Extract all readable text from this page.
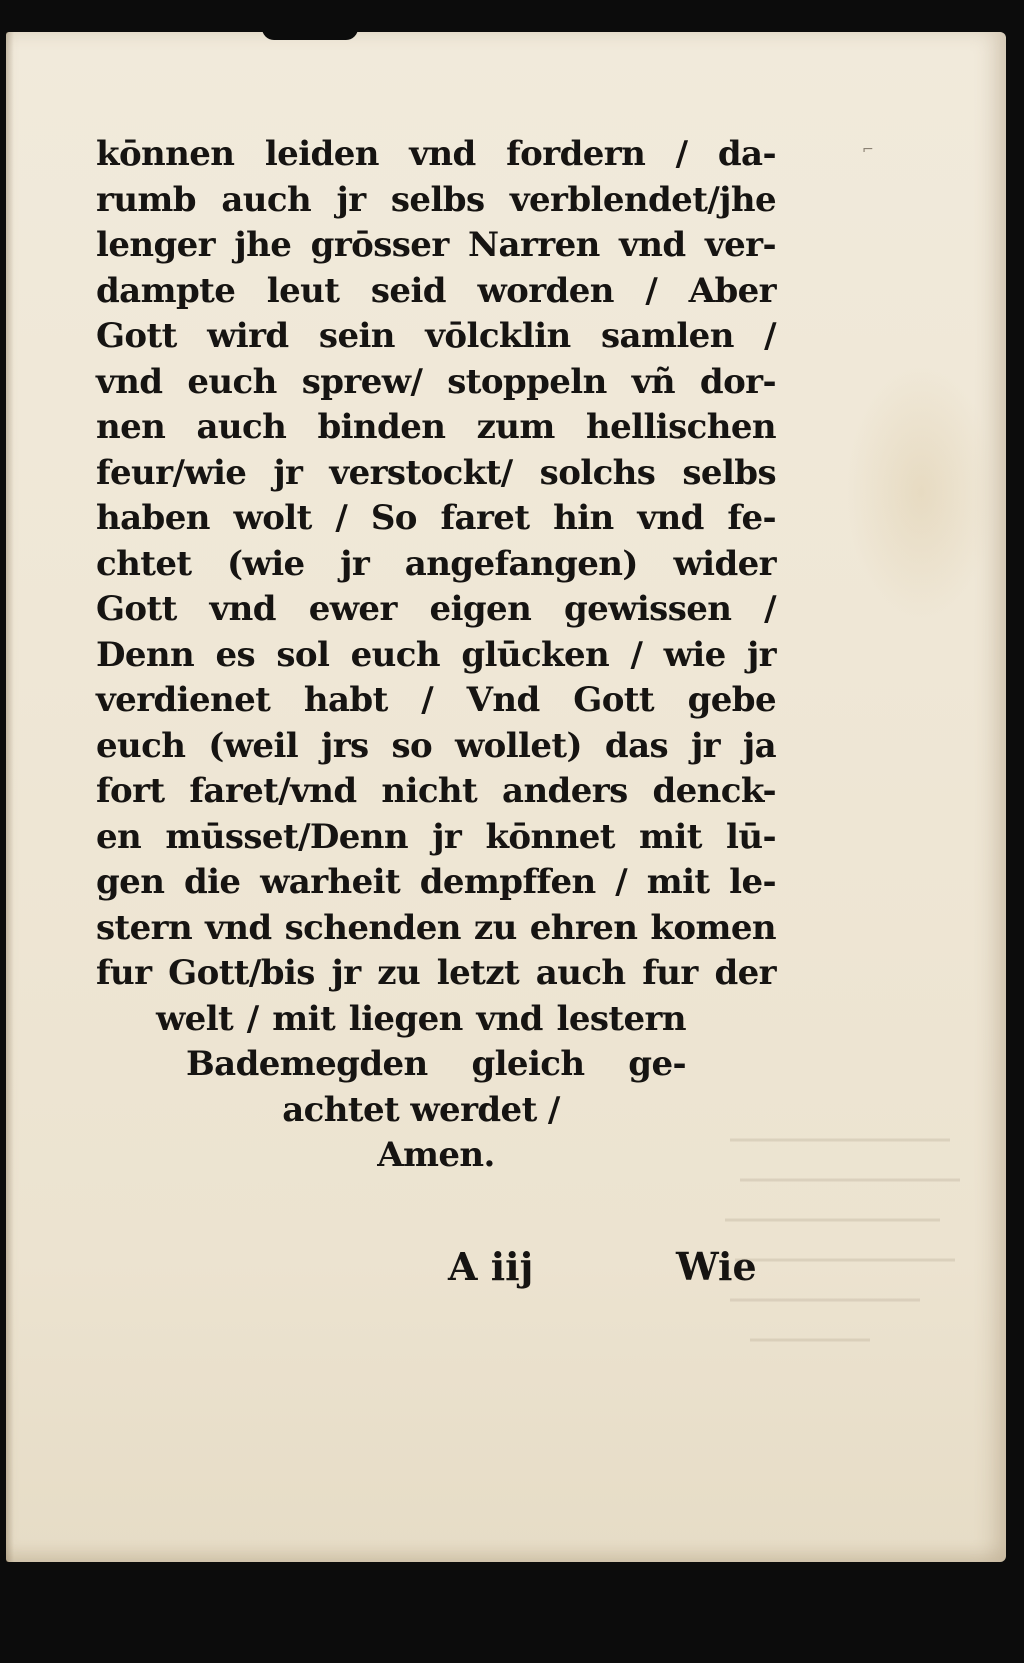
⌐
kōnnen leiden vnd fordern / da-
rumb auch jr selbs verblendet/jhe
lenger jhe grōsser Narren vnd ver-
dampte leut seid worden / Aber
Gott wird sein vōlcklin samlen /
vnd euch sprew/ stoppeln vñ dor-
nen auch binden zum hellischen
feur/wie jr verstockt/ solchs selbs
haben wolt / So faret hin vnd fe-
chtet (wie jr angefangen) wider
Gott vnd ewer eigen gewissen /
Denn es sol euch glūcken / wie jr
verdienet habt / Vnd Gott gebe
euch (weil jrs so wollet) das jr ja
fort faret/vnd nicht anders denck-
en mūsset/Denn jr kōnnet mit lū-
gen die warheit dempffen / mit le-
stern vnd schenden zu ehren komen
fur Gott/bis jr zu letzt auch fur der
welt / mit liegen vnd lestern
Bademegden gleich ge-
achtet werdet /
Amen.
A iij	Wie
